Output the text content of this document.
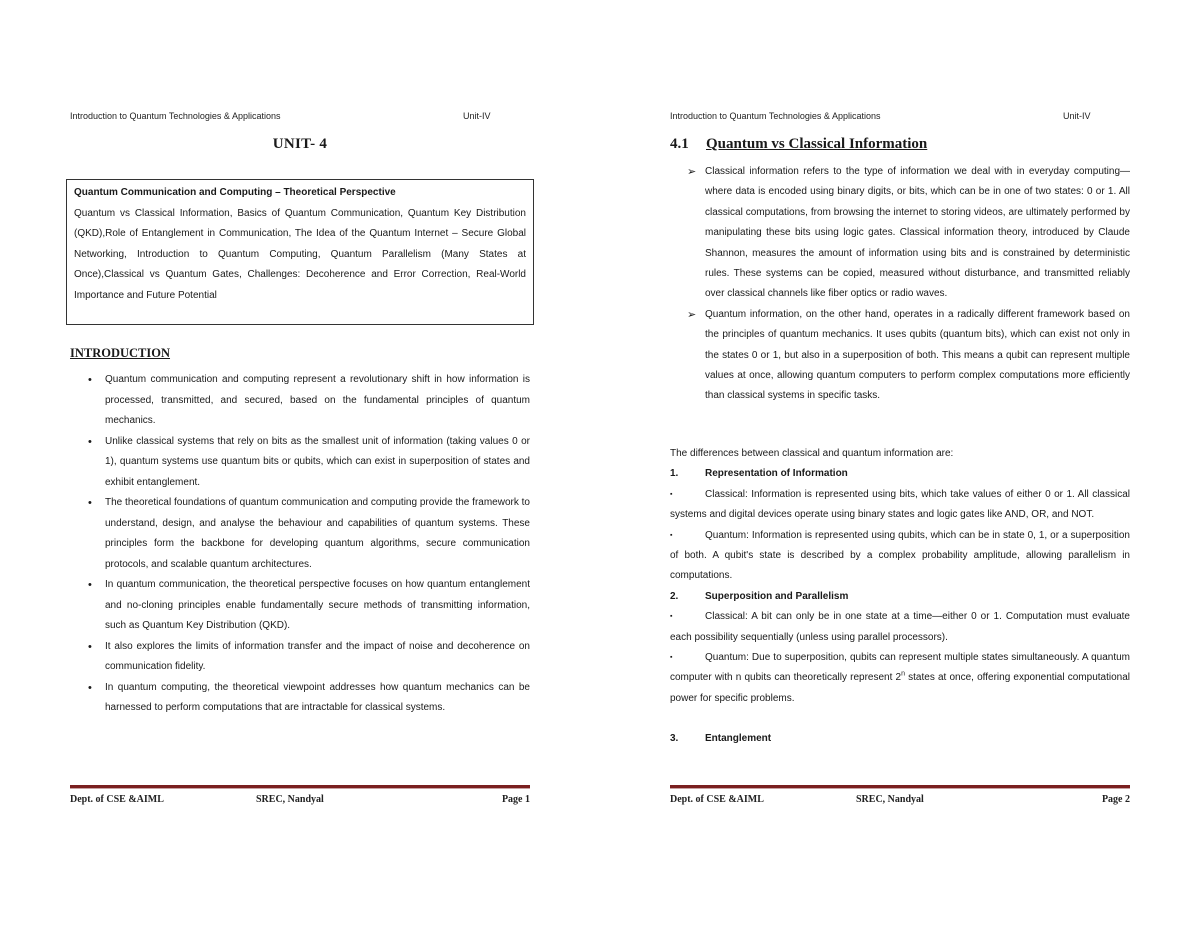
Introduction to Quantum Technologies & Applications	Unit-IV
UNIT- 4
Quantum Communication and Computing – Theoretical Perspective
Quantum vs Classical Information, Basics of Quantum Communication, Quantum Key Distribution (QKD),Role of Entanglement in Communication, The Idea of the Quantum Internet – Secure Global Networking, Introduction to Quantum Computing, Quantum Parallelism (Many States at Once),Classical vs Quantum Gates, Challenges: Decoherence and Error Correction, Real-World Importance and Future Potential
INTRODUCTION
• Quantum communication and computing represent a revolutionary shift in how information is processed, transmitted, and secured, based on the fundamental principles of quantum mechanics.
• Unlike classical systems that rely on bits as the smallest unit of information (taking values 0 or 1), quantum systems use quantum bits or qubits, which can exist in superposition of states and exhibit entanglement.
• The theoretical foundations of quantum communication and computing provide the framework to understand, design, and analyse the behaviour and capabilities of quantum systems. These principles form the backbone for developing quantum algorithms, secure communication protocols, and scalable quantum architectures.
• In quantum communication, the theoretical perspective focuses on how quantum entanglement and no-cloning principles enable fundamentally secure methods of transmitting information, such as Quantum Key Distribution (QKD).
• It also explores the limits of information transfer and the impact of noise and decoherence on communication fidelity.
• In quantum computing, the theoretical viewpoint addresses how quantum mechanics can be harnessed to perform computations that are intractable for classical systems.
Dept. of CSE &AIML	SREC, Nandyal	Page 1
Introduction to Quantum Technologies & Applications	Unit-IV
4.1 Quantum vs Classical Information
➢ Classical information refers to the type of information we deal with in everyday computing— where data is encoded using binary digits, or bits, which can be in one of two states: 0 or 1. All classical computations, from browsing the internet to storing videos, are ultimately performed by manipulating these bits using logic gates. Classical information theory, introduced by Claude Shannon, measures the amount of information using bits and is constrained by deterministic rules. These systems can be copied, measured without disturbance, and transmitted reliably over classical channels like fiber optics or radio waves.
➢ Quantum information, on the other hand, operates in a radically different framework based on the principles of quantum mechanics. It uses qubits (quantum bits), which can exist not only in the states 0 or 1, but also in a superposition of both. This means a qubit can represent multiple values at once, allowing quantum computers to perform complex computations more efficiently than classical systems in specific tasks.

The differences between classical and quantum information are:

1.	Representation of Information

▪	Classical: Information is represented using bits, which take values of either 0 or 1. All classical systems and digital devices operate using binary states and logic gates like AND, OR, and NOT.

▪	Quantum: Information is represented using qubits, which can be in state 0, 1, or a superposition of both. A qubit's state is described by a complex probability amplitude, allowing parallelism in computations.

2.	Superposition and Parallelism

▪	Classical: A bit can only be in one state at a time—either 0 or 1. Computation must evaluate each possibility sequentially (unless using parallel processors).

▪	Quantum: Due to superposition, qubits can represent multiple states simultaneously. A quantum computer with n qubits can theoretically represent 2$^n$ states at once, offering exponential computational power for specific problems.

3.	Entanglement

Dept. of CSE &AIML	SREC, Nandyal	Page 2
